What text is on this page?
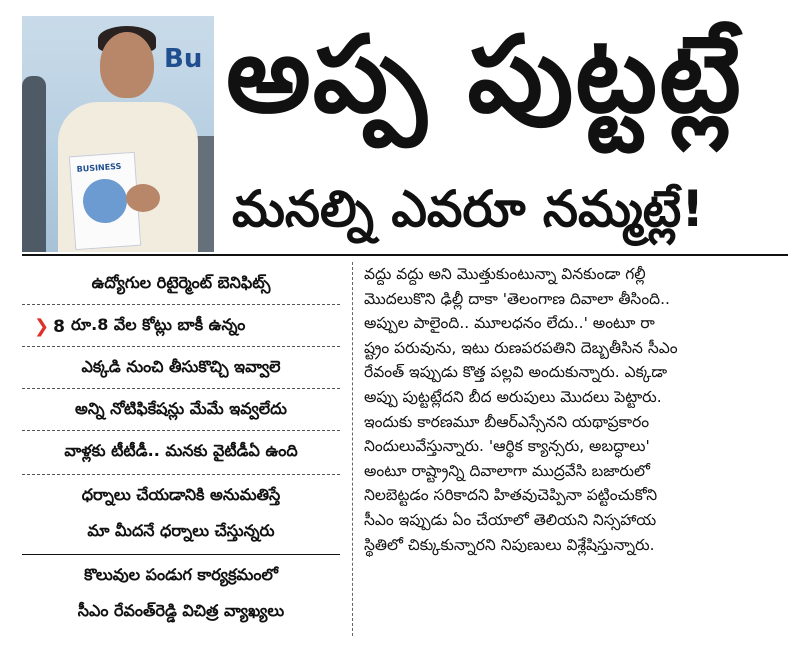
Bu
BUSINESS
అప్ప పుట్టట్లే
మనల్ని ఎవరూ నమ్మట్లే!
ఉద్యోగుల రిటైర్మెంట్ బెనిఫిట్స్
❯ 8 రూ.8 వేల కోట్లు బాకీ ఉన్నం
ఎక్కడి నుంచి తీసుకొచ్చి ఇవ్వాలె
అన్ని నోటిఫికేషన్లు మేమే ఇవ్వలేదు
వాళ్లకు టీటీడీ.. మనకు వైటీడీఏ ఉంది
ధర్నాలు చేయడానికి అనుమతిస్తే
మా మీదనే ధర్నాలు చేస్తున్నరు
కొలువుల పండుగ కార్యక్రమంలో
సీఎం రేవంత్‌రెడ్డి విచిత్ర వ్యాఖ్యలు
వద్దు వద్దు అని మొత్తుకుంటున్నా వినకుండా గల్లీ
మొదలుకొని ఢిల్లీ దాకా 'తెలంగాణ దివాలా తీసింది..
అప్పుల పాలైంది.. మూలధనం లేదు..' అంటూ రా
ష్ట్రం పరువును, ఇటు రుణపరపతిని దెబ్బతీసిన సీఎం
రేవంత్ ఇప్పుడు కొత్త పల్లవి అందుకున్నారు. ఎక్కడా
అప్పు పుట్టట్లేదని బీద అరుపులు మొదలు పెట్టారు.
ఇందుకు కారణమూ బీఆర్ఎస్సేనని యథాప్రకారం
నిందులువేస్తున్నారు. 'ఆర్థిక క్యాన్సరు, అబద్ధాలు'
అంటూ రాష్ట్రాన్ని దివాలాగా ముద్రవేసి బజారులో
నిలబెట్టడం సరికాదని హితవుచెప్పినా పట్టించుకోని
సీఎం ఇప్పుడు ఏం చేయాలో తెలియని నిస్సహాయ
స్థితిలో చిక్కుకున్నారని నిపుణులు విశ్లేషిస్తున్నారు.
